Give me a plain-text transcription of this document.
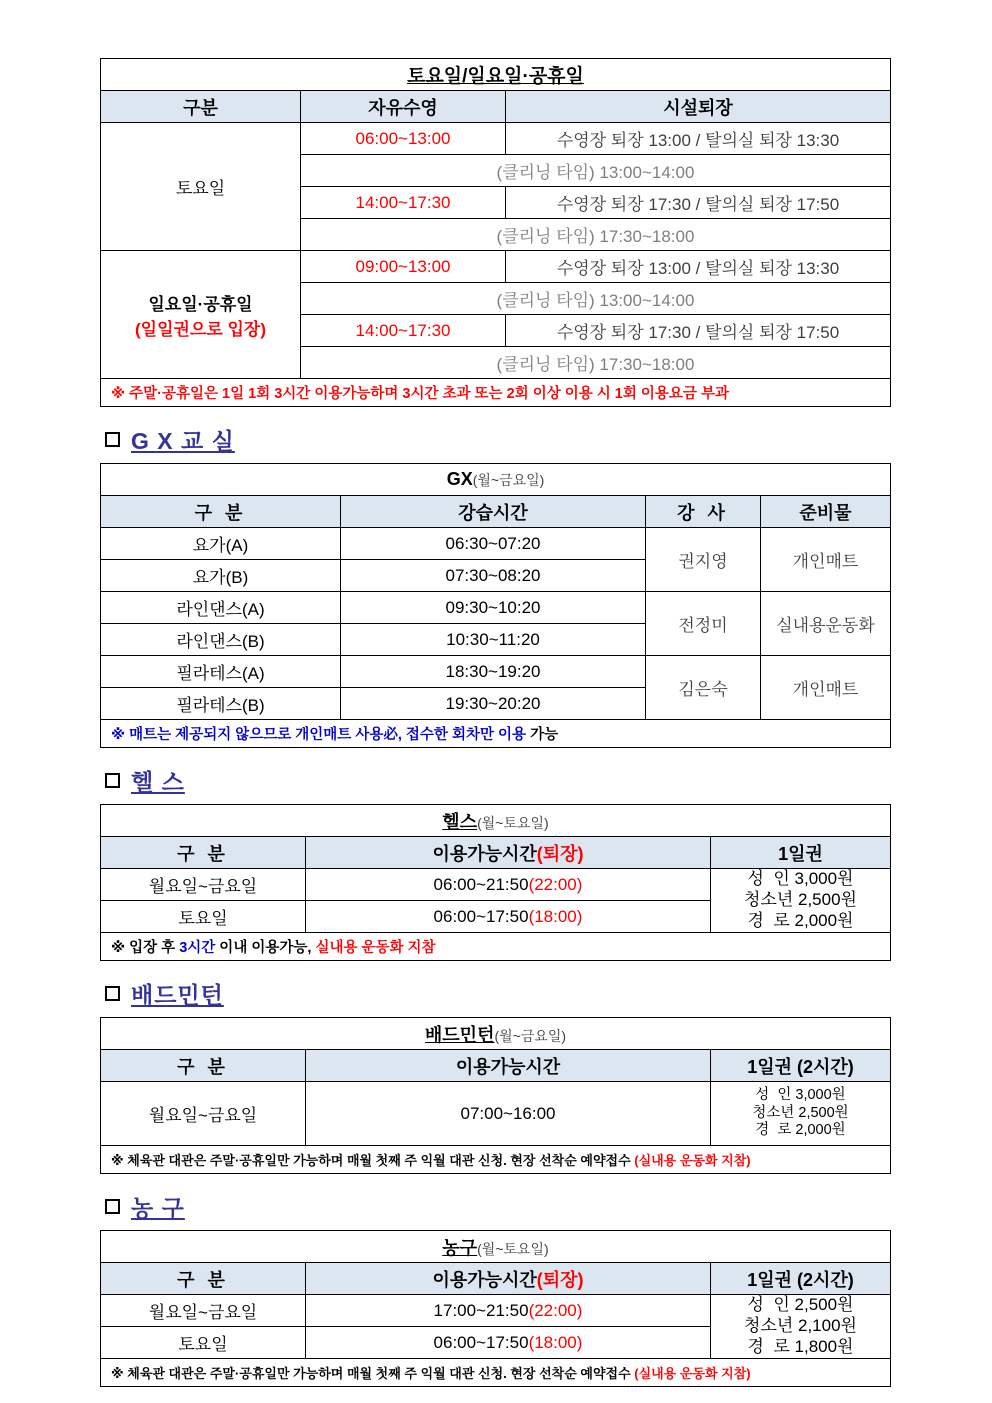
토요일/일요일·공휴일		
구분	자유수영	시설퇴장
토요일	06:00~13:00	수영장 퇴장 13:00 / 탈의실 퇴장 13:30
	(클리닝 타임) 13:00~14:00	
	14:00~17:30	수영장 퇴장 17:30 / 탈의실 퇴장 17:50
	(클리닝 타임) 17:30~18:00	

일요일·공휴일
(일일권으로 입장)	09:00~13:00	수영장 퇴장 13:00 / 탈의실 퇴장 13:30
	(클리닝 타임) 13:00~14:00	
	14:00~17:30	수영장 퇴장 17:30 / 탈의실 퇴장 17:50
	(클리닝 타임) 17:30~18:00	
※ 주말·공휴일은 1일 1회 3시간 이용가능하며 3시간 초과 또는 2회 이상 이용 시 1회 이용요금 부과		
G X 교 실
GX(월~금요일)			
구 분	강습시간	강 사	준비물
요가(A)	06:30~07:20	권지영	개인매트
요가(B)	07:30~08:20		
라인댄스(A)	09:30~10:20	전정미	실내용운동화
라인댄스(B)	10:30~11:20		
필라테스(A)	18:30~19:20	김은숙	개인매트
필라테스(B)	19:30~20:20		
※ 매트는 제공되지 않으므로 개인매트 사용必, 접수한 회차만 이용 가능			
헬 스
헬스(월~토요일)		
구 분	이용가능시간(퇴장)	1일권
월요일~금요일	06:00~21:50(22:00)	성  인 3,000원
청소년 2,500원
경  로 2,000원

토요일	06:00~17:50(18:00)	
※ 입장 후 3시간 이내 이용가능, 실내용 운동화 지참		
배드민턴
배드민턴(월~금요일)		
구 분	이용가능시간	1일권 (2시간)
월요일~금요일	07:00~16:00	성  인 3,000원
청소년 2,500원
경  로 2,000원

※ 체육관 대관은 주말·공휴일만 가능하며 매월 첫째 주 익월 대관 신청. 현장 선착순 예약접수 (실내용 운동화 지참)		
농 구
농구(월~토요일)		
구 분	이용가능시간(퇴장)	1일권 (2시간)
월요일~금요일	17:00~21:50(22:00)	성  인 2,500원
청소년 2,100원
경  로 1,800원

토요일	06:00~17:50(18:00)	
※ 체육관 대관은 주말·공휴일만 가능하며 매월 첫째 주 익월 대관 신청. 현장 선착순 예약접수 (실내용 운동화 지참)		
